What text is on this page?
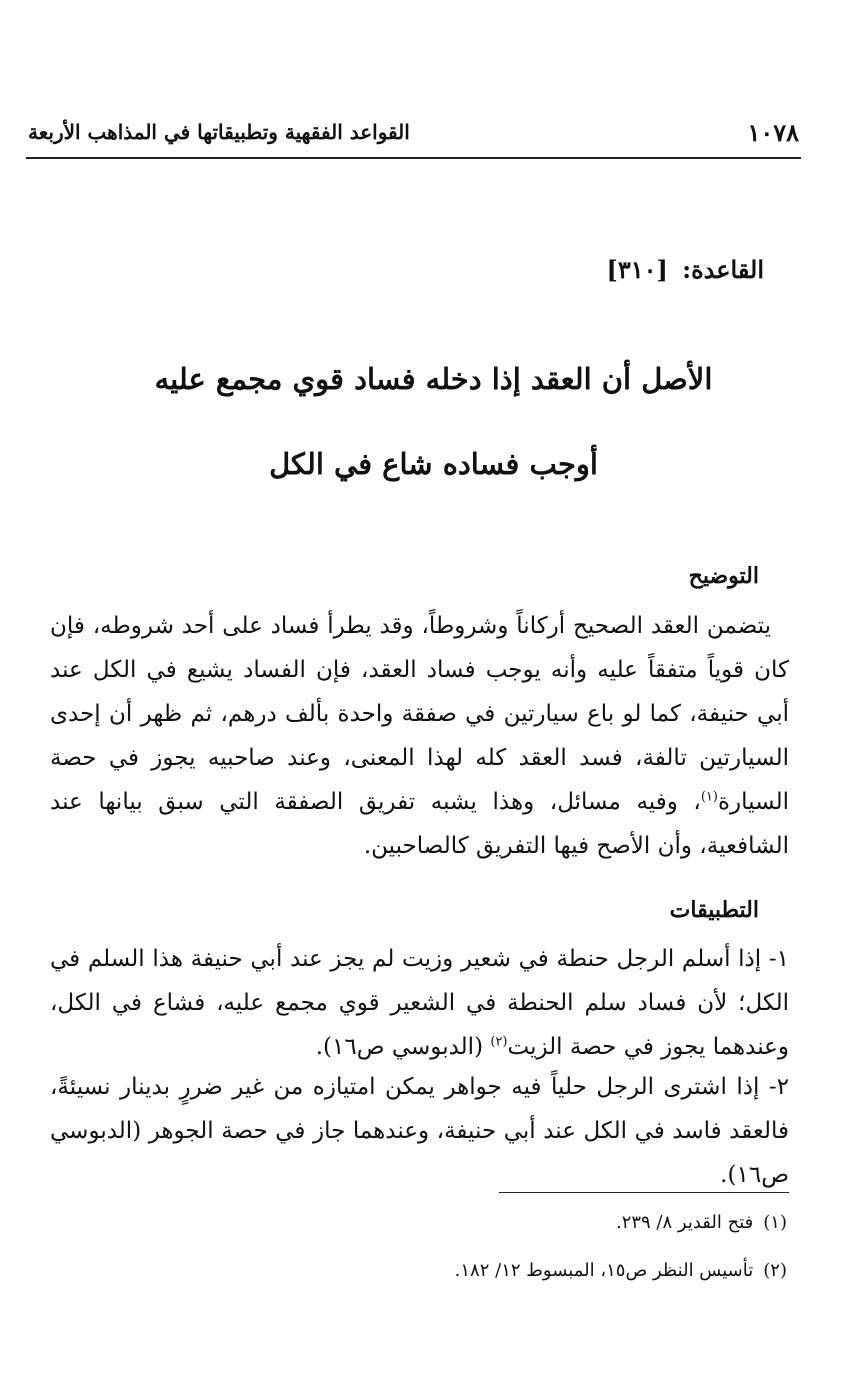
١٠٧٨
القواعد الفقهية وتطبيقاتها في المذاهب الأربعة
القاعدة: [٣١٠]
الأصل أن العقد إذا دخله فساد قوي مجمع عليه
أوجب فساده شاع في الكل
التوضيح
يتضمن العقد الصحيح أركاناً وشروطاً، وقد يطرأ فساد على أحد شروطه، فإن كان قوياً متفقاً عليه وأنه يوجب فساد العقد، فإن الفساد يشيع في الكل عند أبي حنيفة، كما لو باع سيارتين في صفقة واحدة بألف درهم، ثم ظهر أن إحدى السيارتين تالفة، فسد العقد كله لهذا المعنى، وعند صاحبيه يجوز في حصة السيارة$^{(١)}$، وفيه مسائل، وهذا يشبه تفريق الصفقة التي سبق بيانها عند الشافعية، وأن الأصح فيها التفريق كالصاحبين.
التطبيقات
١- إذا أسلم الرجل حنطة في شعير وزيت لم يجز عند أبي حنيفة هذا السلم في الكل؛ لأن فساد سلم الحنطة في الشعير قوي مجمع عليه، فشاع في الكل، وعندهما يجوز في حصة الزيت$^{(٢)}$ (الدبوسي ص١٦).
٢- إذا اشترى الرجل حلياً فيه جواهر يمكن امتيازه من غير ضررٍ بدينار نسيئةً، فالعقد فاسد في الكل عند أبي حنيفة، وعندهما جاز في حصة الجوهر (الدبوسي ص١٦).
(١)فتح القدير ٨/ ٢٣٩.
(٢)تأسيس النظر ص١٥، المبسوط ١٢/ ١٨٢.
